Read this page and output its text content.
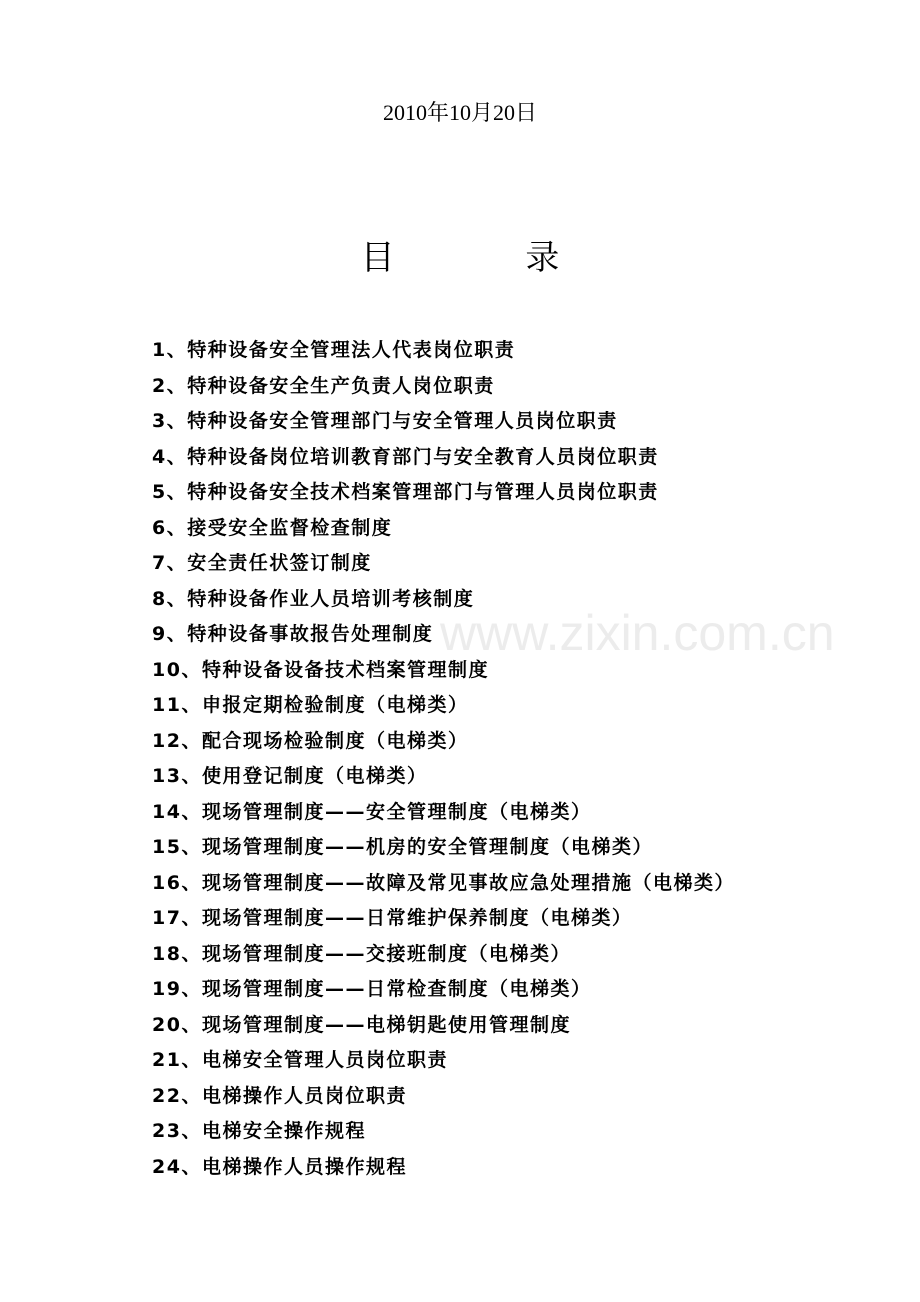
2010年10月20日
目 录
www.zixin.com.cn
1、特种设备安全管理法人代表岗位职责
2、特种设备安全生产负责人岗位职责
3、特种设备安全管理部门与安全管理人员岗位职责
4、特种设备岗位培训教育部门与安全教育人员岗位职责
5、特种设备安全技术档案管理部门与管理人员岗位职责
6、接受安全监督检查制度
7、安全责任状签订制度
8、特种设备作业人员培训考核制度
9、特种设备事故报告处理制度
10、特种设备设备技术档案管理制度
11、申报定期检验制度（电梯类）
12、配合现场检验制度（电梯类）
13、使用登记制度（电梯类）
14、现场管理制度——安全管理制度（电梯类）
15、现场管理制度——机房的安全管理制度（电梯类）
16、现场管理制度——故障及常见事故应急处理措施（电梯类）
17、现场管理制度——日常维护保养制度（电梯类）
18、现场管理制度——交接班制度（电梯类）
19、现场管理制度——日常检查制度（电梯类）
20、现场管理制度——电梯钥匙使用管理制度
21、电梯安全管理人员岗位职责
22、电梯操作人员岗位职责
23、电梯安全操作规程
24、电梯操作人员操作规程
